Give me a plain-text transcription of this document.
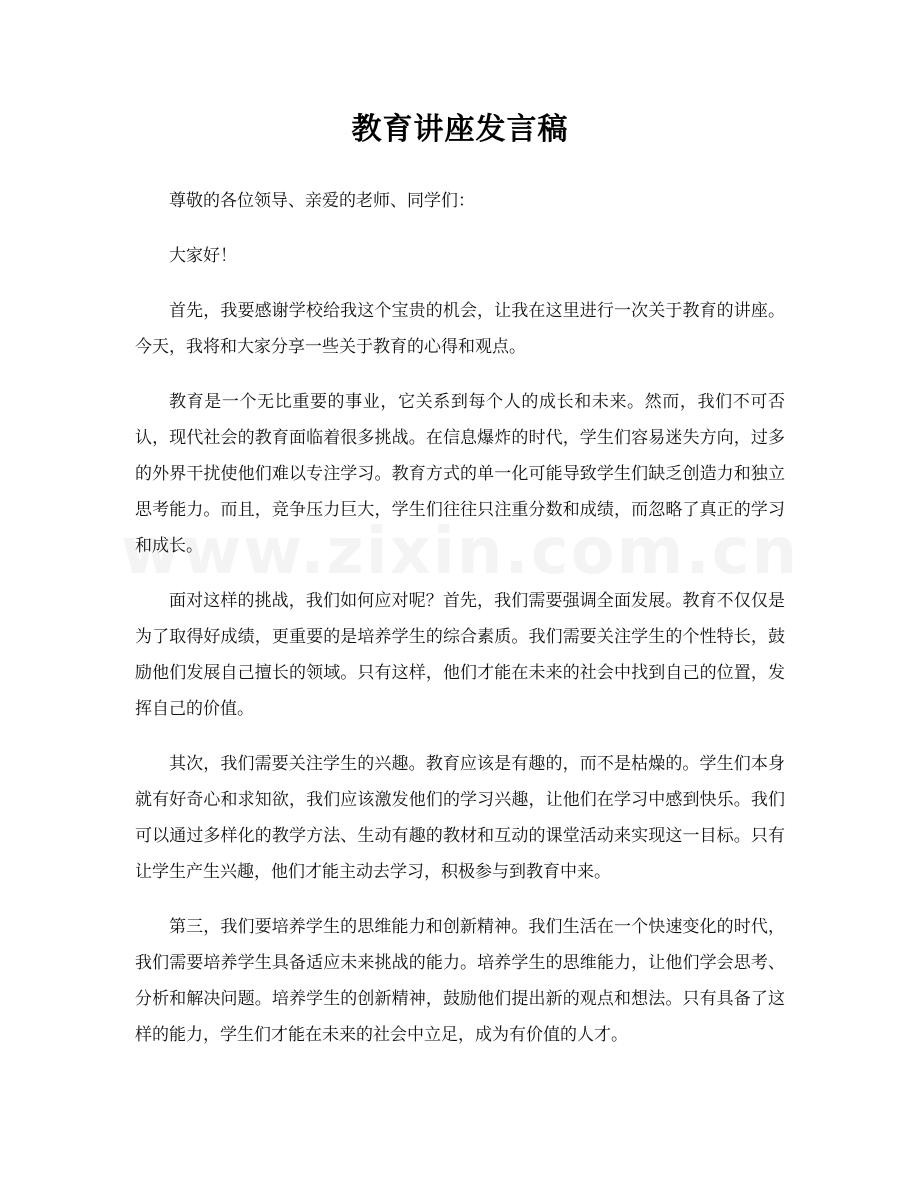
教育讲座发言稿

尊敬的各位领导、亲爱的老师、同学们：

大家好！

首先，我要感谢学校给我这个宝贵的机会，让我在这里进行一次关于教育的讲座。今天，我将和大家分享一些关于教育的心得和观点。

教育是一个无比重要的事业，它关系到每个人的成长和未来。然而，我们不可否认，现代社会的教育面临着很多挑战。在信息爆炸的时代，学生们容易迷失方向，过多的外界干扰使他们难以专注学习。教育方式的单一化可能导致学生们缺乏创造力和独立思考能力。而且，竞争压力巨大，学生们往往只注重分数和成绩，而忽略了真正的学习和成长。

面对这样的挑战，我们如何应对呢？首先，我们需要强调全面发展。教育不仅仅是为了取得好成绩，更重要的是培养学生的综合素质。我们需要关注学生的个性特长，鼓励他们发展自己擅长的领域。只有这样，他们才能在未来的社会中找到自己的位置，发挥自己的价值。

其次，我们需要关注学生的兴趣。教育应该是有趣的，而不是枯燥的。学生们本身就有好奇心和求知欲，我们应该激发他们的学习兴趣，让他们在学习中感到快乐。我们可以通过多样化的教学方法、生动有趣的教材和互动的课堂活动来实现这一目标。只有让学生产生兴趣，他们才能主动去学习，积极参与到教育中来。

第三，我们要培养学生的思维能力和创新精神。我们生活在一个快速变化的时代，我们需要培养学生具备适应未来挑战的能力。培养学生的思维能力，让他们学会思考、分析和解决问题。培养学生的创新精神，鼓励他们提出新的观点和想法。只有具备了这样的能力，学生们才能在未来的社会中立足，成为有价值的人才。
